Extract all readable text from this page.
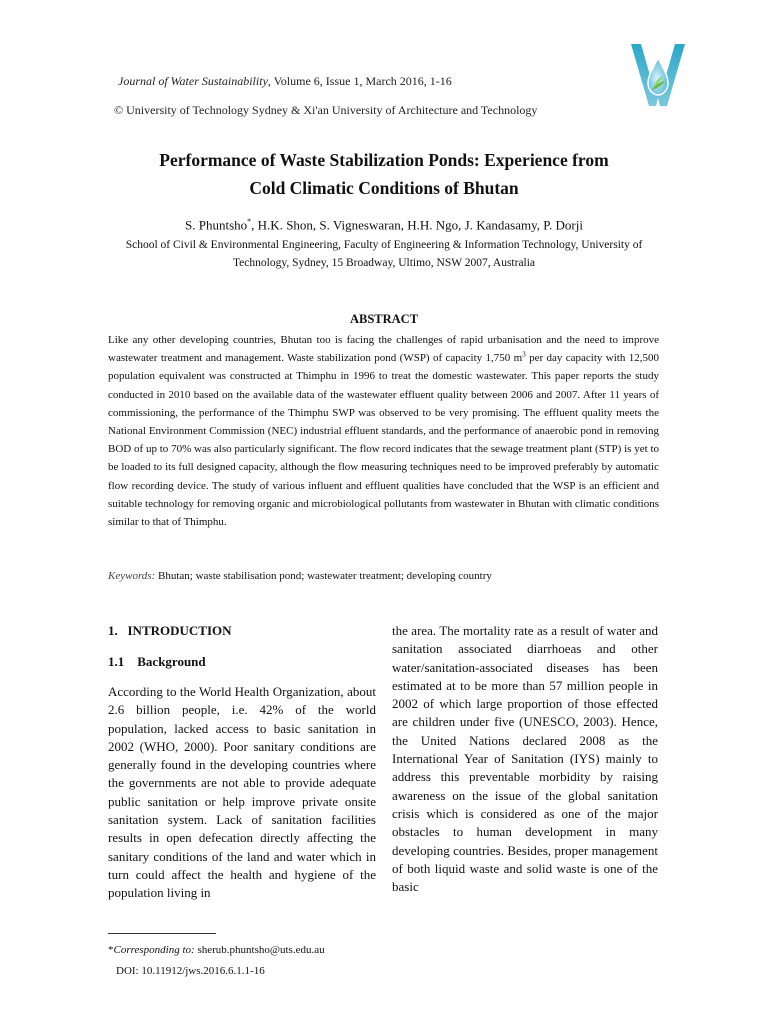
Journal of Water Sustainability, Volume 6, Issue 1, March 2016, 1-16
© University of Technology Sydney & Xi'an University of Architecture and Technology
Performance of Waste Stabilization Ponds: Experience from
Cold Climatic Conditions of Bhutan
S. Phuntsho*, H.K. Shon, S. Vigneswaran, H.H. Ngo, J. Kandasamy, P. Dorji
School of Civil & Environmental Engineering, Faculty of Engineering & Information Technology, University of Technology, Sydney, 15 Broadway, Ultimo, NSW 2007, Australia
ABSTRACT
Like any other developing countries, Bhutan too is facing the challenges of rapid urbanisation and the need to improve wastewater treatment and management. Waste stabilization pond (WSP) of capacity 1,750 $m^3$ per day capacity with 12,500 population equivalent was constructed at Thimphu in 1996 to treat the domestic wastewater. This paper reports the study conducted in 2010 based on the available data of the wastewater effluent quality between 2006 and 2007. After 11 years of commissioning, the performance of the Thimphu SWP was observed to be very promising. The effluent quality meets the National Environment Commission (NEC) industrial effluent standards, and the performance of anaerobic pond in removing BOD of up to 70% was also particularly significant. The flow record indicates that the sewage treatment plant (STP) is yet to be loaded to its full designed capacity, although the flow measuring techniques need to be improved preferably by automatic flow recording device. The study of various influent and effluent qualities have concluded that the WSP is an efficient and suitable technology for removing organic and microbiological pollutants from wastewater in Bhutan with climatic conditions similar to that of Thimphu.
Keywords: Bhutan; waste stabilisation pond; wastewater treatment; developing country
1.   INTRODUCTION
1.1    Background

According to the World Health Organization, about 2.6 billion people, i.e. 42% of the world population, lacked access to basic sanitation in 2002 (WHO, 2000). Poor sanitary conditions are generally found in the developing countries where the governments are not able to provide adequate public sanitation or help improve private onsite sanitation system. Lack of sanitation facilities results in open defecation directly affecting the sanitary conditions of the land and water which in turn could affect the health and hygiene of the population living in

the area. The mortality rate as a result of water and sanitation associated diarrhoeas and other water/sanitation-associated diseases has been estimated at to be more than 57 million people in 2002 of which large proportion of those effected are children under five (UNESCO, 2003). Hence, the United Nations declared 2008 as the International Year of Sanitation (IYS) mainly to address this preventable morbidity by raising awareness on the issue of the global sanitation crisis which is considered as one of the major obstacles to human development in many developing countries. Besides, proper management of both liquid waste and solid waste is one of the basic

*Corresponding to: sherub.phuntsho@uts.edu.au
DOI: 10.11912/jws.2016.6.1.1-16
